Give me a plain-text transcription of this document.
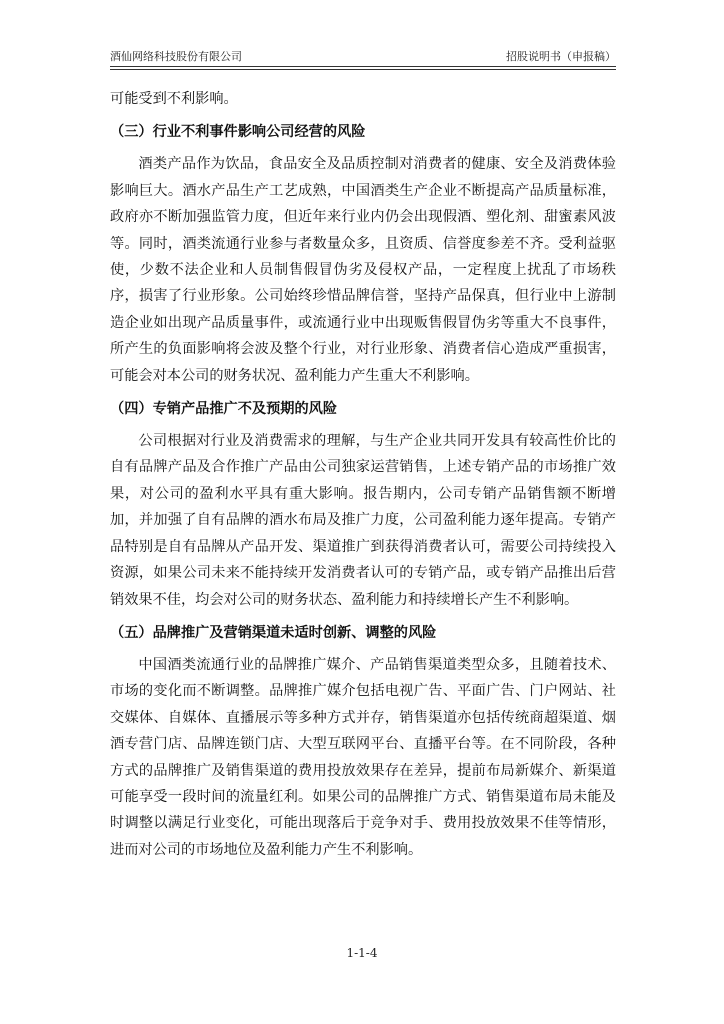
酒仙网络科技股份有限公司	招股说明书（申报稿）

可能受到不利影响。

（三）行业不利事件影响公司经营的风险

酒类产品作为饮品，食品安全及品质控制对消费者的健康、安全及消费体验影响巨大。酒水产品生产工艺成熟，中国酒类生产企业不断提高产品质量标准，政府亦不断加强监管力度，但近年来行业内仍会出现假酒、塑化剂、甜蜜素风波等。同时，酒类流通行业参与者数量众多，且资质、信誉度参差不齐。受利益驱使，少数不法企业和人员制售假冒伪劣及侵权产品，一定程度上扰乱了市场秩序，损害了行业形象。公司始终珍惜品牌信誉，坚持产品保真，但行业中上游制造企业如出现产品质量事件，或流通行业中出现贩售假冒伪劣等重大不良事件，所产生的负面影响将会波及整个行业，对行业形象、消费者信心造成严重损害，可能会对本公司的财务状况、盈利能力产生重大不利影响。

（四）专销产品推广不及预期的风险

公司根据对行业及消费需求的理解，与生产企业共同开发具有较高性价比的自有品牌产品及合作推广产品由公司独家运营销售，上述专销产品的市场推广效果，对公司的盈利水平具有重大影响。报告期内，公司专销产品销售额不断增加，并加强了自有品牌的酒水布局及推广力度，公司盈利能力逐年提高。专销产品特别是自有品牌从产品开发、渠道推广到获得消费者认可，需要公司持续投入资源，如果公司未来不能持续开发消费者认可的专销产品，或专销产品推出后营销效果不佳，均会对公司的财务状态、盈利能力和持续增长产生不利影响。

（五）品牌推广及营销渠道未适时创新、调整的风险

中国酒类流通行业的品牌推广媒介、产品销售渠道类型众多，且随着技术、市场的变化而不断调整。品牌推广媒介包括电视广告、平面广告、门户网站、社交媒体、自媒体、直播展示等多种方式并存，销售渠道亦包括传统商超渠道、烟酒专营门店、品牌连锁门店、大型互联网平台、直播平台等。在不同阶段，各种方式的品牌推广及销售渠道的费用投放效果存在差异，提前布局新媒介、新渠道可能享受一段时间的流量红利。如果公司的品牌推广方式、销售渠道布局未能及时调整以满足行业变化，可能出现落后于竞争对手、费用投放效果不佳等情形，进而对公司的市场地位及盈利能力产生不利影响。

1-1-4
